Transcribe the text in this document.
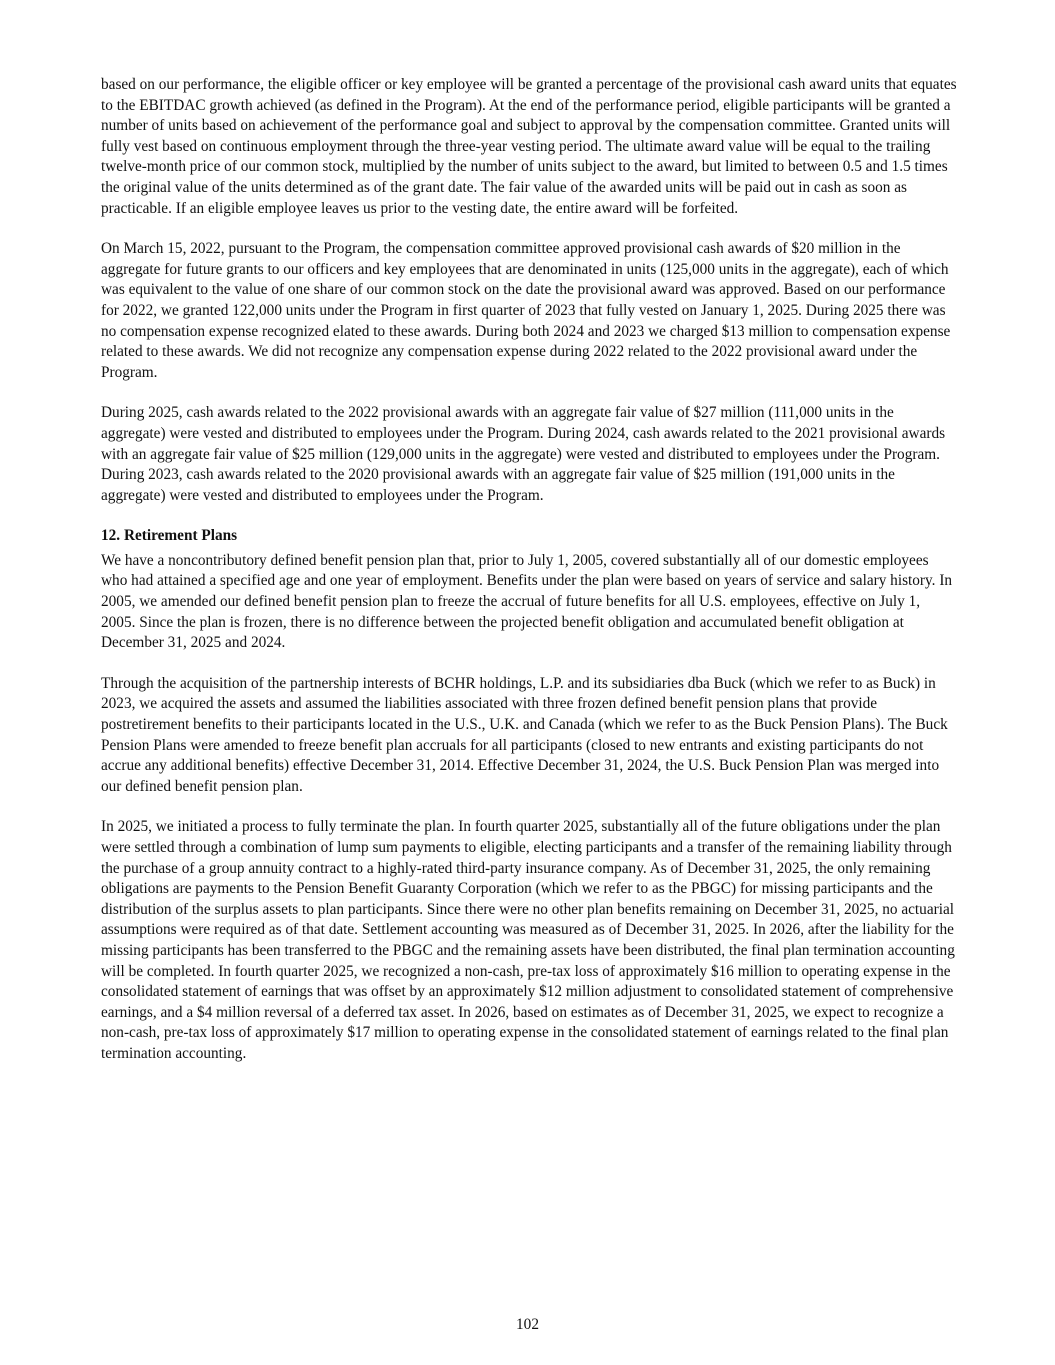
based on our performance, the eligible officer or key employee will be granted a percentage of the provisional cash award units that equates to the EBITDAC growth achieved (as defined in the Program). At the end of the performance period, eligible participants will be granted a number of units based on achievement of the performance goal and subject to approval by the compensation committee. Granted units will fully vest based on continuous employment through the three-year vesting period. The ultimate award value will be equal to the trailing twelve-month price of our common stock, multiplied by the number of units subject to the award, but limited to between 0.5 and 1.5 times the original value of the units determined as of the grant date. The fair value of the awarded units will be paid out in cash as soon as practicable. If an eligible employee leaves us prior to the vesting date, the entire award will be forfeited.

On March 15, 2022, pursuant to the Program, the compensation committee approved provisional cash awards of $20 million in the aggregate for future grants to our officers and key employees that are denominated in units (125,000 units in the aggregate), each of which was equivalent to the value of one share of our common stock on the date the provisional award was approved. Based on our performance for 2022, we granted 122,000 units under the Program in first quarter of 2023 that fully vested on January 1, 2025. During 2025 there was no compensation expense recognized elated to these awards. During both 2024 and 2023 we charged $13 million to compensation expense related to these awards. We did not recognize any compensation expense during 2022 related to the 2022 provisional award under the Program.

During 2025, cash awards related to the 2022 provisional awards with an aggregate fair value of $27 million (111,000 units in the aggregate) were vested and distributed to employees under the Program. During 2024, cash awards related to the 2021 provisional awards with an aggregate fair value of $25 million (129,000 units in the aggregate) were vested and distributed to employees under the Program. During 2023, cash awards related to the 2020 provisional awards with an aggregate fair value of $25 million (191,000 units in the aggregate) were vested and distributed to employees under the Program.

12. Retirement Plans

We have a noncontributory defined benefit pension plan that, prior to July 1, 2005, covered substantially all of our domestic employees who had attained a specified age and one year of employment. Benefits under the plan were based on years of service and salary history. In 2005, we amended our defined benefit pension plan to freeze the accrual of future benefits for all U.S. employees, effective on July 1, 2005. Since the plan is frozen, there is no difference between the projected benefit obligation and accumulated benefit obligation at December 31, 2025 and 2024.

Through the acquisition of the partnership interests of BCHR holdings, L.P. and its subsidiaries dba Buck (which we refer to as Buck) in 2023, we acquired the assets and assumed the liabilities associated with three frozen defined benefit pension plans that provide postretirement benefits to their participants located in the U.S., U.K. and Canada (which we refer to as the Buck Pension Plans). The Buck Pension Plans were amended to freeze benefit plan accruals for all participants (closed to new entrants and existing participants do not accrue any additional benefits) effective December 31, 2014. Effective December 31, 2024, the U.S. Buck Pension Plan was merged into our defined benefit pension plan.

In 2025, we initiated a process to fully terminate the plan. In fourth quarter 2025, substantially all of the future obligations under the plan were settled through a combination of lump sum payments to eligible, electing participants and a transfer of the remaining liability through the purchase of a group annuity contract to a highly-rated third-party insurance company. As of December 31, 2025, the only remaining obligations are payments to the Pension Benefit Guaranty Corporation (which we refer to as the PBGC) for missing participants and the distribution of the surplus assets to plan participants. Since there were no other plan benefits remaining on December 31, 2025, no actuarial assumptions were required as of that date. Settlement accounting was measured as of December 31, 2025. In 2026, after the liability for the missing participants has been transferred to the PBGC and the remaining assets have been distributed, the final plan termination accounting will be completed. In fourth quarter 2025, we recognized a non-cash, pre-tax loss of approximately $16 million to operating expense in the consolidated statement of earnings that was offset by an approximately $12 million adjustment to consolidated statement of comprehensive earnings, and a $4 million reversal of a deferred tax asset. In 2026, based on estimates as of December 31, 2025, we expect to recognize a non-cash, pre-tax loss of approximately $17 million to operating expense in the consolidated statement of earnings related to the final plan termination accounting.

102
